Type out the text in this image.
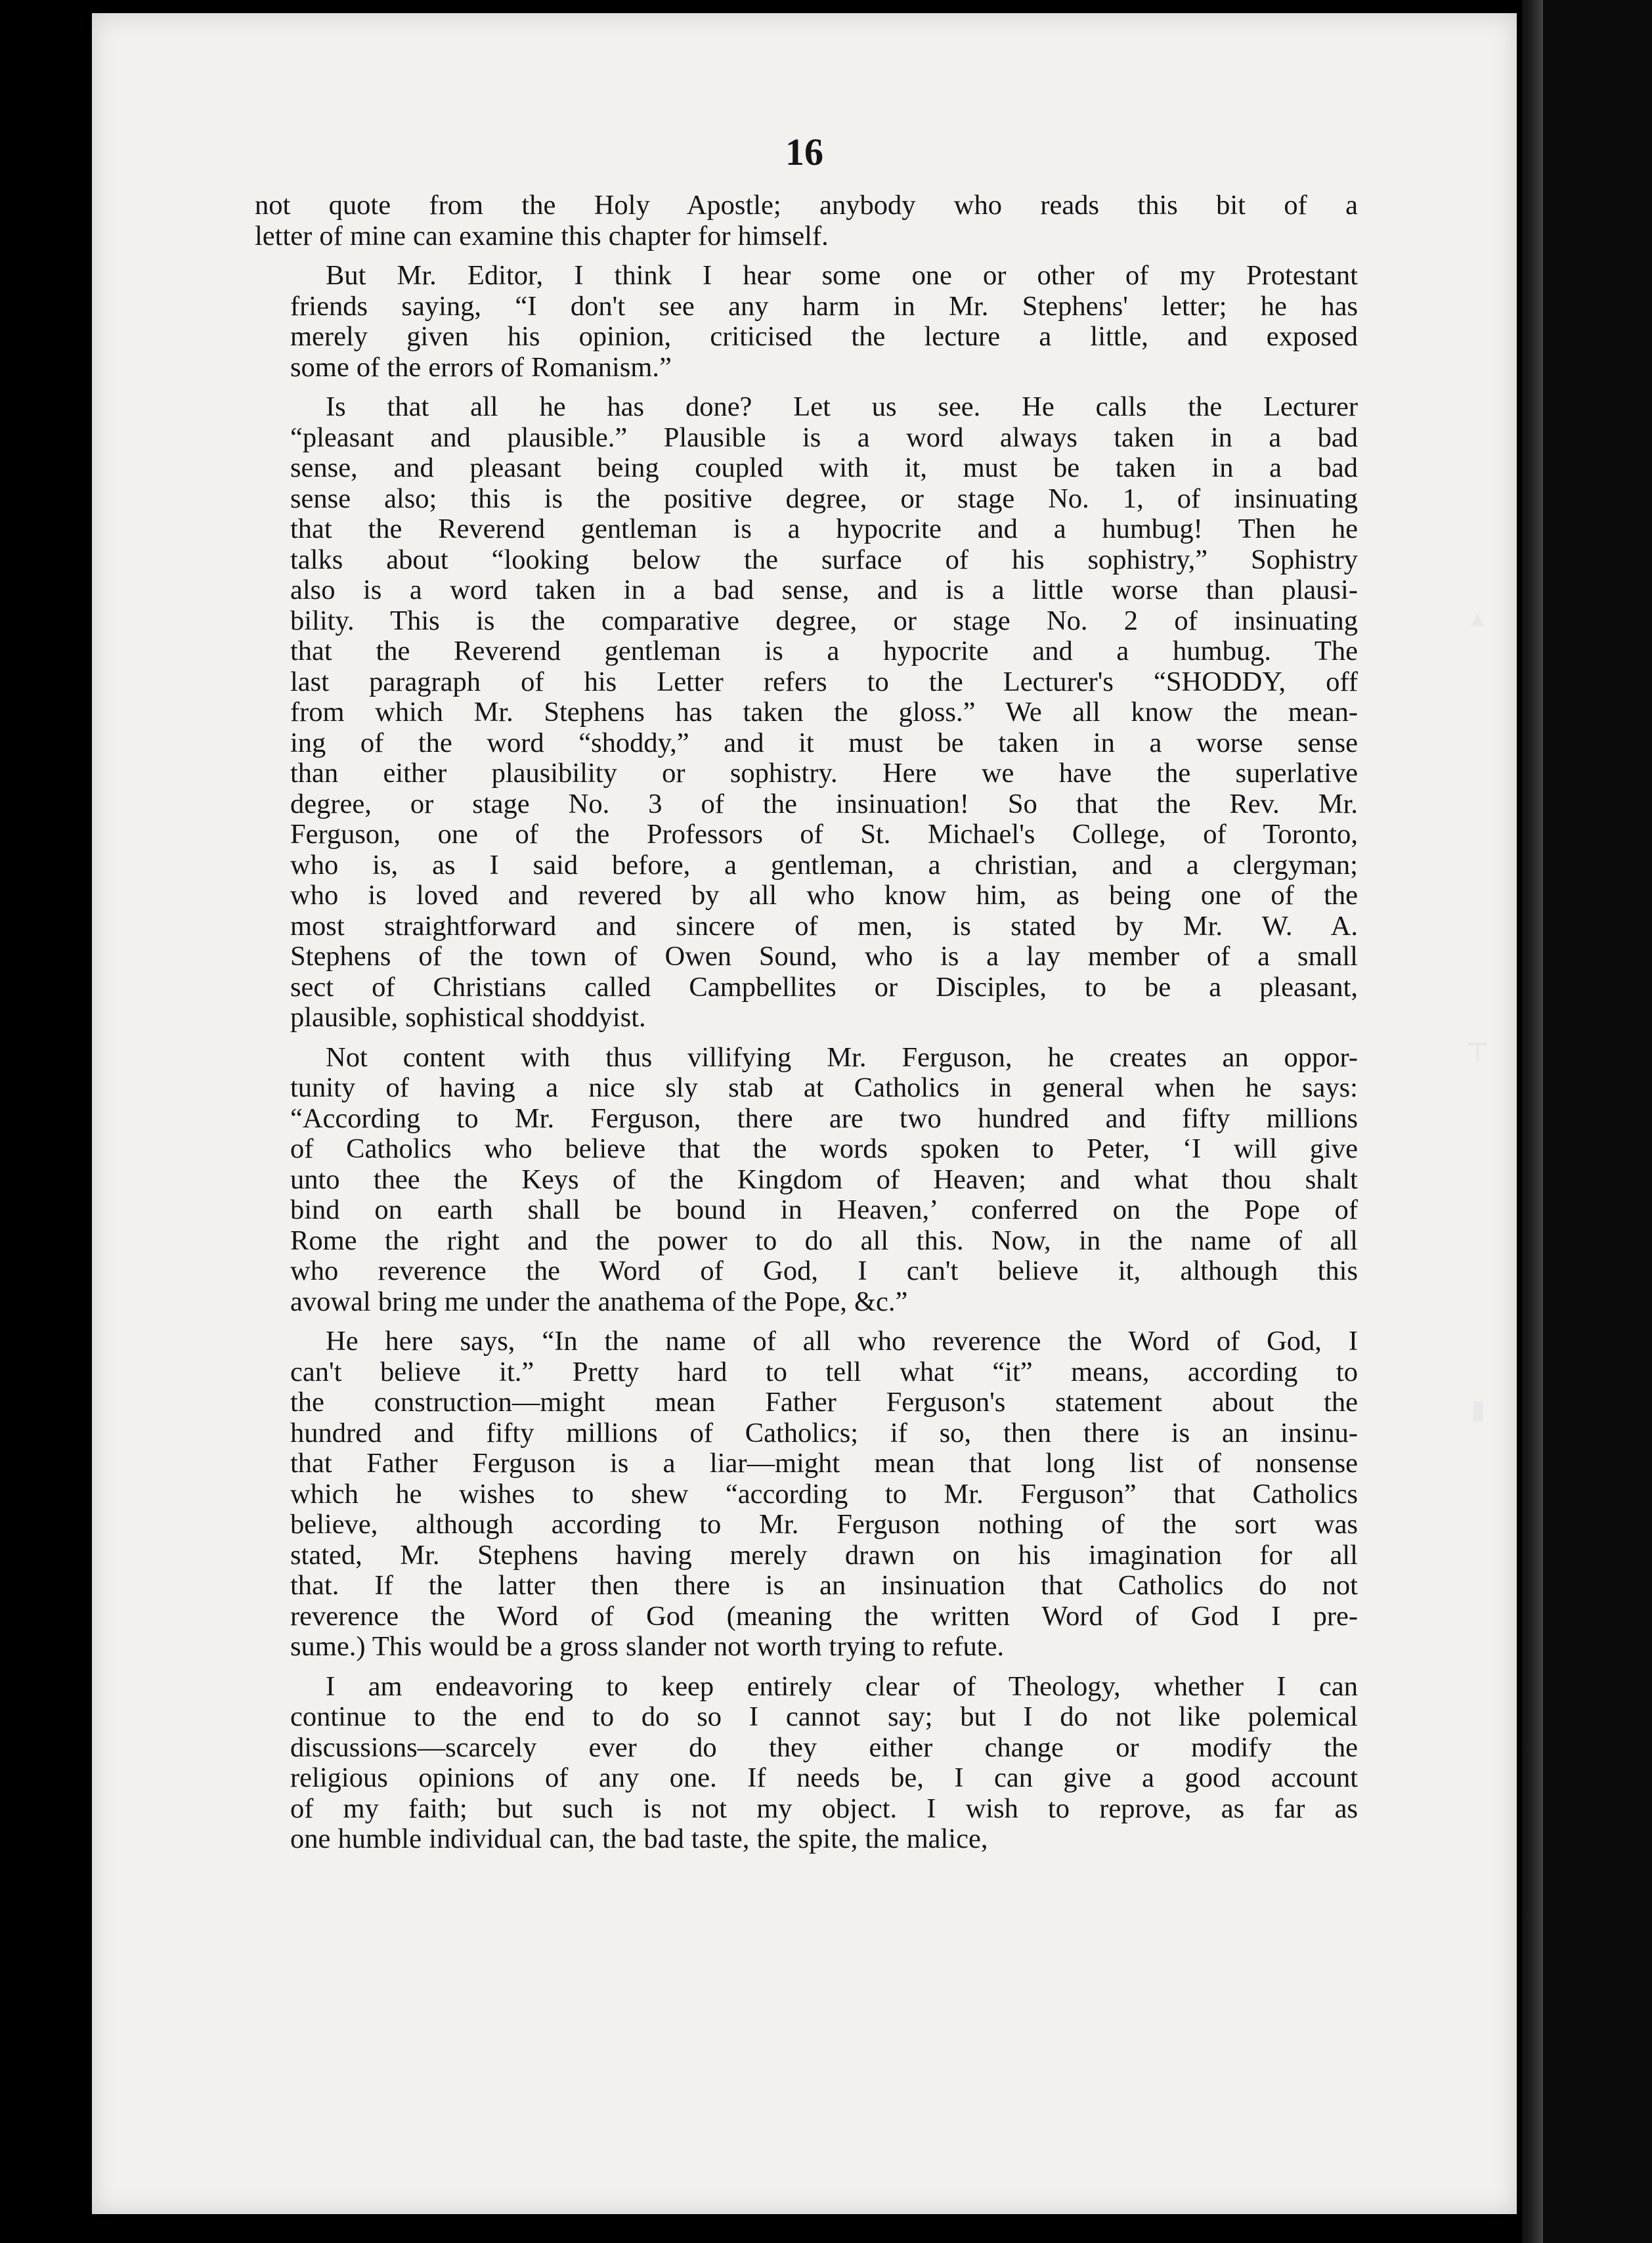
16
▴
⊤
▮
not quote from the Holy Apostle; anybody who reads this bit of a
letter of mine can examine this chapter for himself.
But Mr. Editor, I think I hear some one or other of my Protestant
friends saying, “I don't see any harm in Mr. Stephens' letter; he has
merely given his opinion, criticised the lecture a little, and exposed
some of the errors of Romanism.”
Is that all he has done? Let us see. He calls the Lecturer
“pleasant and plausible.” Plausible is a word always taken in a bad
sense, and pleasant being coupled with it, must be taken in a bad
sense also; this is the positive degree, or stage No. 1, of insinuating
that the Reverend gentleman is a hypocrite and a humbug! Then he
talks about “looking below the surface of his sophistry,” Sophistry
also is a word taken in a bad sense, and is a little worse than plausi-
bility. This is the comparative degree, or stage No. 2 of insinuating
that the Reverend gentleman is a hypocrite and a humbug. The
last paragraph of his Letter refers to the Lecturer's “SHODDY, off
from which Mr. Stephens has taken the gloss.” We all know the mean-
ing of the word “shoddy,” and it must be taken in a worse sense
than either plausibility or sophistry. Here we have the superlative
degree, or stage No. 3 of the insinuation! So that the Rev. Mr.
Ferguson, one of the Professors of St. Michael's College, of Toronto,
who is, as I said before, a gentleman, a christian, and a clergyman;
who is loved and revered by all who know him, as being one of the
most straightforward and sincere of men, is stated by Mr. W. A.
Stephens of the town of Owen Sound, who is a lay member of a small
sect of Christians called Campbellites or Disciples, to be a pleasant,
plausible, sophistical shoddyist.
Not content with thus villifying Mr. Ferguson, he creates an oppor-
tunity of having a nice sly stab at Catholics in general when he says:
“According to Mr. Ferguson, there are two hundred and fifty millions
of Catholics who believe that the words spoken to Peter, ‘I will give
unto thee the Keys of the Kingdom of Heaven; and what thou shalt
bind on earth shall be bound in Heaven,’ conferred on the Pope of
Rome the right and the power to do all this. Now, in the name of all
who reverence the Word of God, I can't believe it, although this
avowal bring me under the anathema of the Pope, &c.”
He here says, “In the name of all who reverence the Word of God, I
can't believe it.” Pretty hard to tell what “it” means, according to
the construction—might mean Father Ferguson's statement about the
hundred and fifty millions of Catholics; if so, then there is an insinu-
that Father Ferguson is a liar—might mean that long list of nonsense
which he wishes to shew “according to Mr. Ferguson” that Catholics
believe, although according to Mr. Ferguson nothing of the sort was
stated, Mr. Stephens having merely drawn on his imagination for all
that. If the latter then there is an insinuation that Catholics do not
reverence the Word of God (meaning the written Word of God I pre-
sume.) This would be a gross slander not worth trying to refute.
I am endeavoring to keep entirely clear of Theology, whether I can
continue to the end to do so I cannot say; but I do not like polemical
discussions—scarcely ever do they either change or modify the
religious opinions of any one. If needs be, I can give a good account
of my faith; but such is not my object. I wish to reprove, as far as
one humble individual can, the bad taste, the spite, the malice,
